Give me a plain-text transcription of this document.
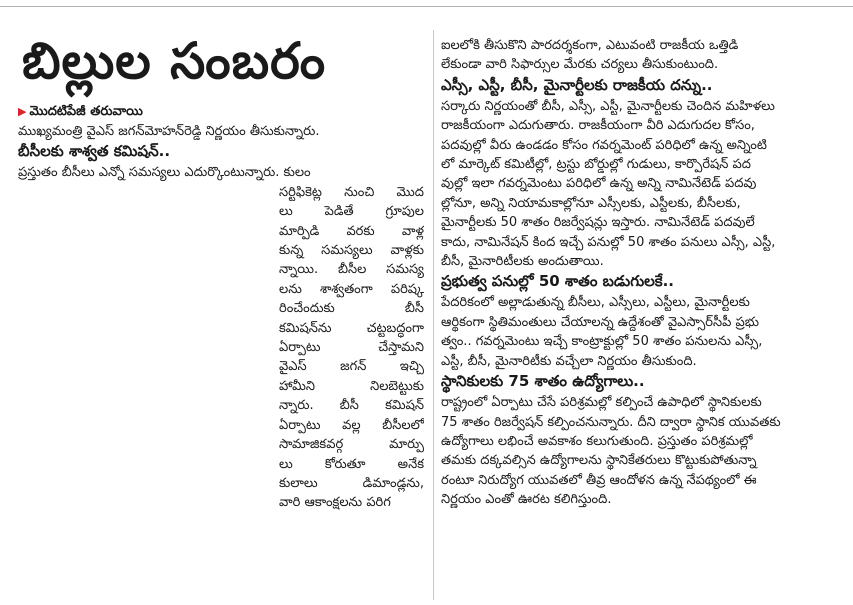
బిల్లుల సంబరం
▶ మొదటిపేజీ తరువాయి
ముఖ్యమంత్రి వైఎస్ జగన్‌మోహన్‌రెడ్డి నిర్ణయం తీసుకున్నారు.
బీసీలకు శాశ్వత కమిషన్..
ప్రస్తుతం బీసీలు ఎన్నో సమస్యలు ఎదుర్కొంటున్నారు. కులం
సర్టిఫికెట్ల నుంచి మొద
లు పెడితే గ్రూపుల
మార్పిడి వరకు వాళ్ల
కున్న సమస్యలు వాళ్లకు
న్నాయి. బీసీల సమస్య
లను శాశ్వతంగా పరిష్క
రించేందుకు బీసీ
కమిషన్‌ను చట్టబద్ధంగా
ఏర్పాటు చేస్తామని
వైఎస్ జగన్ ఇచ్చి
హామీని నిలబెట్టుకు
న్నారు. బీసీ కమిషన్
ఏర్పాటు వల్ల బీసీలలో
సామాజికవర్గ మార్పు
లు కోరుతూ అనేక
కులాలు డిమాండ్లను,
వారి ఆకాంక్షలను పరిగ
ఐలలోకి తీసుకొని పారదర్శకంగా, ఎటువంటి రాజకీయ ఒత్తిడి
లేకుండా వారి సిఫార్సుల మేరకు చర్యలు తీసుకుంటుంది.
ఎస్సీ, ఎస్టీ, బీసీ, మైనార్టీలకు రాజకీయ దన్ను..
సర్కారు నిర్ణయంతో బీసీ, ఎస్సీ, ఎస్టీ, మైనార్టీలకు చెందిన మహిళలు
రాజకీయంగా ఎదుగుతారు. రాజకీయంగా వీరి ఎదుగుదల కోసం,
పదవుల్లో వీరు ఉండడం కోసం గవర్నమెంట్ పరిధిలో ఉన్న అన్నింటి
లో మార్కెట్ కమిటీల్లో, ట్రస్టు బోర్డుల్లో గుడులు, కార్పొరేషన్ పద
వుల్లో ఇలా గవర్నమెంటు పరిధిలో ఉన్న అన్ని నామినేటెడ్ పదవు
ల్లోనూ, అన్ని నియామకాల్లోనూ ఎస్సీలకు, ఎస్టీలకు, బీసీలకు,
మైనార్టీలకు 50 శాతం రిజర్వేషన్లు ఇస్తారు. నామినేటెడ్ పదవులే
కాదు, నామినేషన్ కింద ఇచ్చే పనుల్లో 50 శాతం పనులు ఎస్సీ, ఎస్టీ,
బీసీ, మైనారిటీలకు అందుతాయి.
ప్రభుత్వ పనుల్లో 50 శాతం బడుగులకే..
పేదరికంలో అల్లాడుతున్న బీసీలు, ఎస్సీలు, ఎస్టీలు, మైనార్టీలకు
ఆర్థికంగా స్థితిమంతులు చేయాలన్న ఉద్దేశంతో వైఎస్సార్‌సీపీ ప్రభు
త్వం.. గవర్నమెంటు ఇచ్చే కాంట్రాక్టుల్లో 50 శాతం పనులను ఎస్సీ,
ఎస్టీ, బీసీ, మైనారిటీకు వచ్చేలా నిర్ణయం తీసుకుంది.
స్థానికులకు 75 శాతం ఉద్యోగాలు..
రాష్ట్రంలో ఏర్పాటు చేసే పరిశ్రమల్లో కల్పించే ఉపాధిలో స్థానికులకు
75 శాతం రిజర్వేషన్ కల్పించనున్నారు. దీని ద్వారా స్థానిక యువతకు
ఉద్యోగాలు లభించే అవకాశం కలుగుతుంది. ప్రస్తుతం పరిశ్రమల్లో
తమకు దక్కవల్సిన ఉద్యోగాలను స్థానికేతరులు కొట్టుకుపోతున్నా
రంటూ నిరుద్యోగ యువతలో తీవ్ర ఆందోళన ఉన్న నేపథ్యంలో ఈ
నిర్ణయం ఎంతో ఊరట కలిగిస్తుంది.
